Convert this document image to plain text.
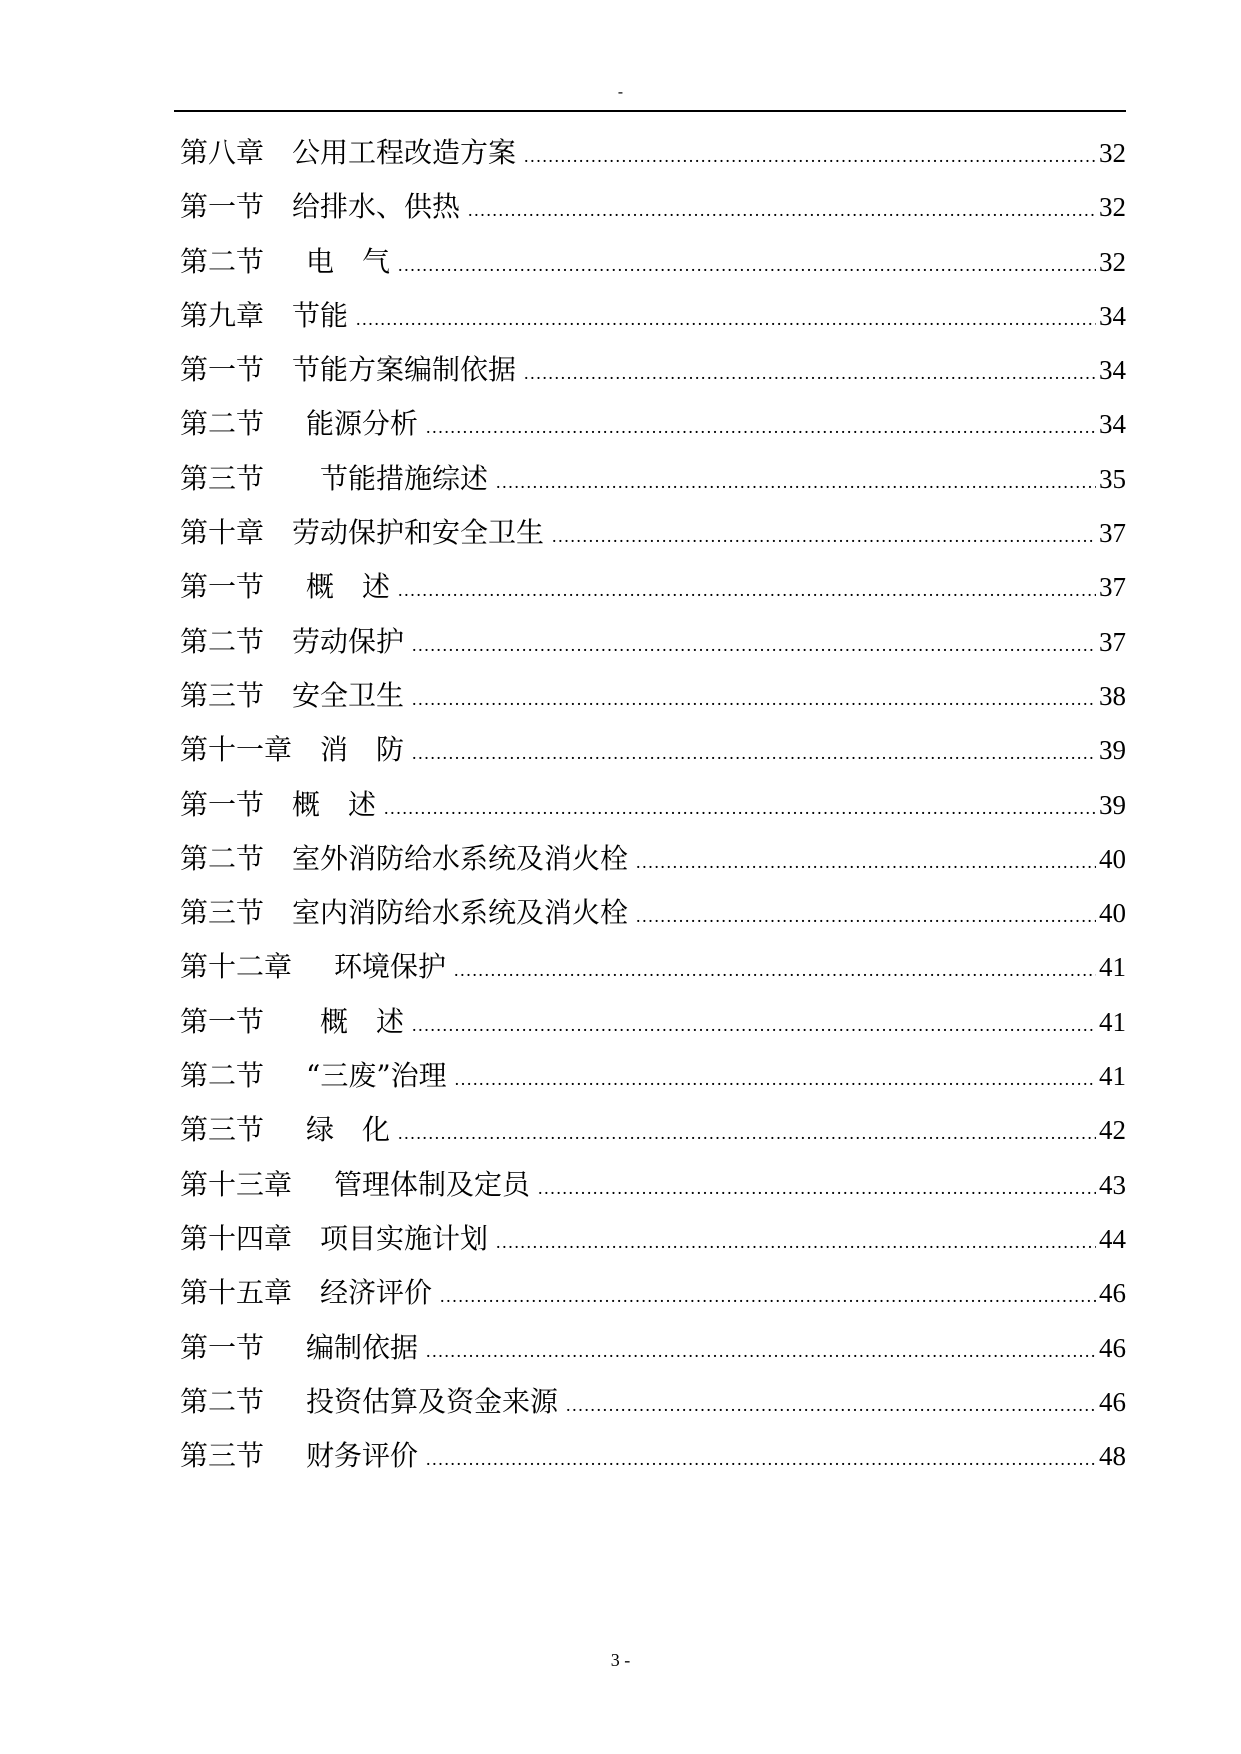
-
第八章 公用工程改造方案 .....	32
第一节 给排水、供热 .....	32
第二节 电　气 .....	32
第九章 节能 .....	34
第一节 节能方案编制依据 .....	34
第二节 能源分析 .....	34
第三节 节能措施综述 .....	35
第十章 劳动保护和安全卫生 .....	37
第一节 概　述 .....	37
第二节 劳动保护 .....	37
第三节 安全卫生 .....	38
第十一章 消　防 .....	39
第一节 概　述 .....	39
第二节 室外消防给水系统及消火栓 .....	40
第三节 室内消防给水系统及消火栓 .....	40
第十二章 环境保护 .....	41
第一节 概　述 .....	41
第二节 “三废”治理 .....	41
第三节 绿　化 .....	42
第十三章 管理体制及定员 .....	43
第十四章 项目实施计划 .....	44
第十五章 经济评价 .....	46
第一节 编制依据 .....	46
第二节 投资估算及资金来源 .....	46
第三节 财务评价 .....	48
3 -
